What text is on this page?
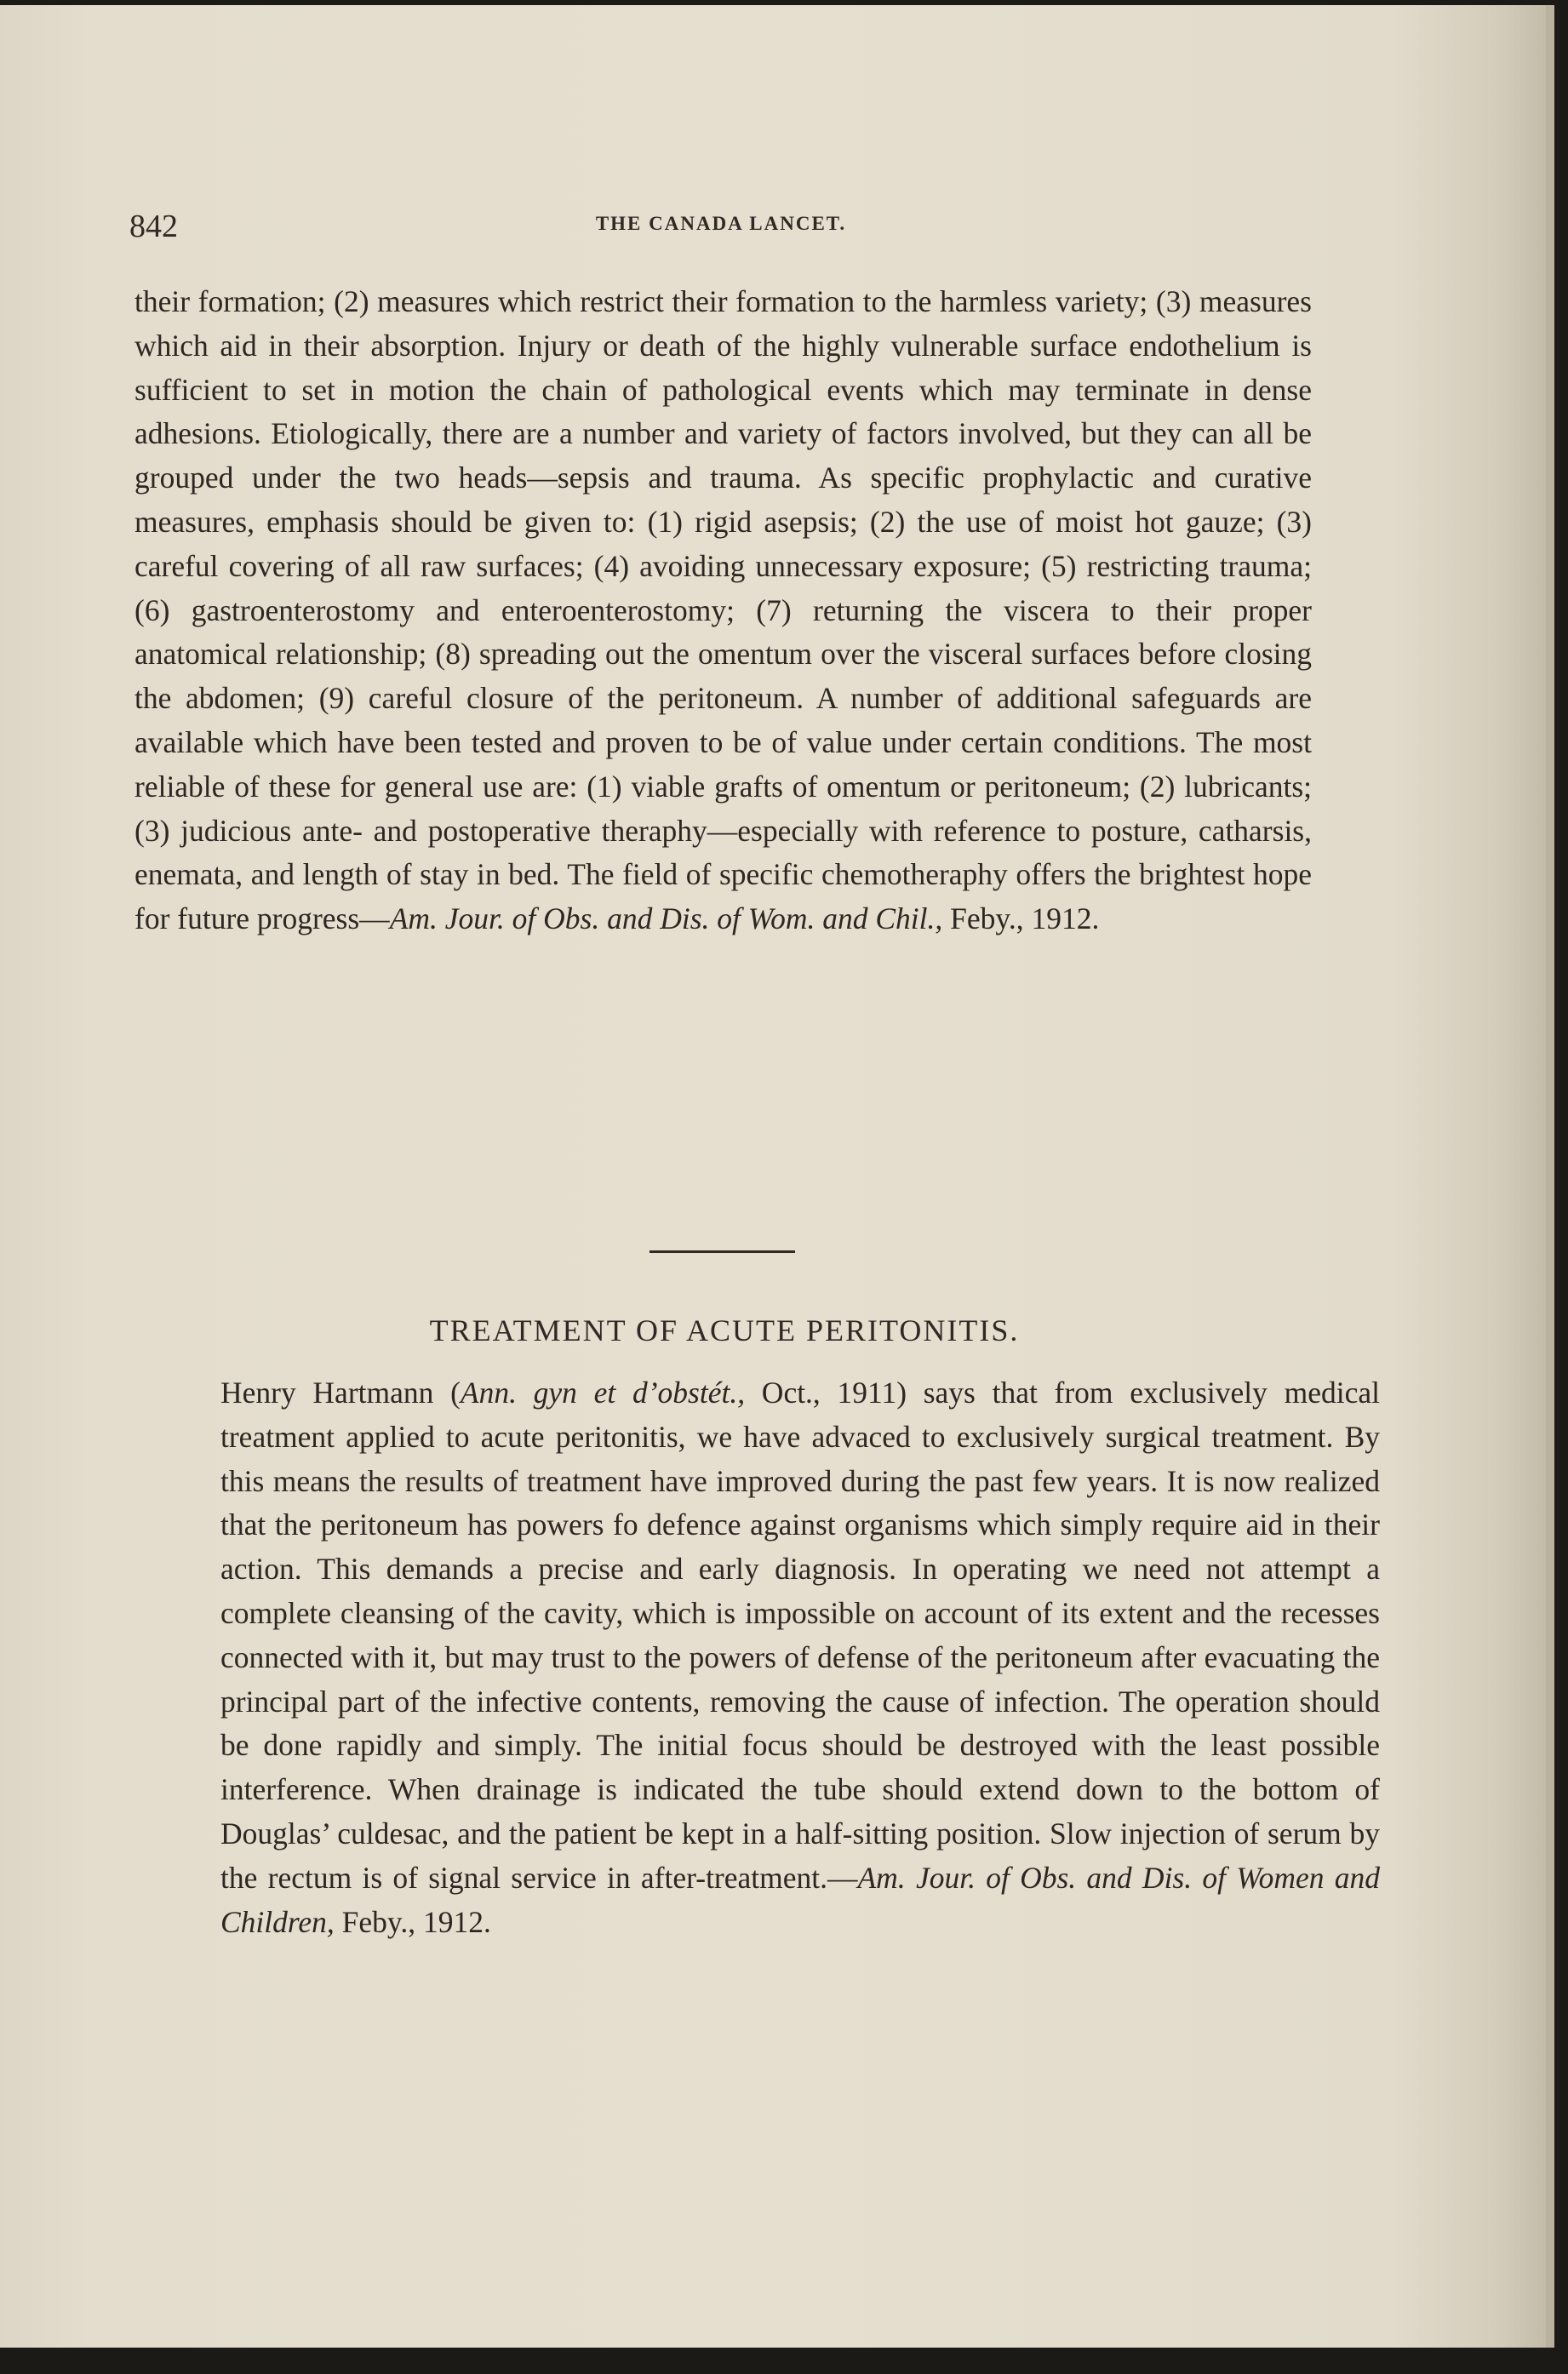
842	THE CANADA LANCET.
their formation; (2) measures which restrict their formation to the harmless variety; (3) measures which aid in their absorption. Injury or death of the highly vulnerable surface endothelium is sufficient to set in motion the chain of pathological events which may terminate in dense adhesions. Etiologically, there are a number and variety of factors involved, but they can all be grouped under the two heads—sepsis and trauma. As specific prophylactic and curative measures, emphasis should be given to: (1) rigid asepsis; (2) the use of moist hot gauze; (3) careful covering of all raw surfaces; (4) avoiding unnecessary exposure; (5) restricting trauma; (6) gastroenterostomy and enteroenterostomy; (7) returning the viscera to their proper anatomical relationship; (8) spreading out the omentum over the visceral surfaces before closing the abdomen; (9) careful closure of the peritoneum. A number of additional safeguards are available which have been tested and proven to be of value under certain conditions. The most reliable of these for general use are: (1) viable grafts of omentum or peritoneum; (2) lubricants; (3) judicious ante- and postoperative theraphy—especially with reference to posture, catharsis, enemata, and length of stay in bed. The field of specific chemotheraphy offers the brightest hope for future progress—Am. Jour. of Obs. and Dis. of Wom. and Chil., Feby., 1912.
TREATMENT OF ACUTE PERITONITIS.
Henry Hartmann (Ann. gyn et d’obstét., Oct., 1911) says that from exclusively medical treatment applied to acute peritonitis, we have advaced to exclusively surgical treatment. By this means the results of treatment have improved during the past few years. It is now realized that the peritoneum has powers fo defence against organisms which simply require aid in their action. This demands a precise and early diagnosis. In operating we need not attempt a complete cleansing of the cavity, which is impossible on account of its extent and the recesses connected with it, but may trust to the powers of defense of the peritoneum after evacuating the principal part of the infective contents, removing the cause of infection. The operation should be done rapidly and simply. The initial focus should be destroyed with the least possible interference. When drainage is indicated the tube should extend down to the bottom of Douglas’ culdesac, and the patient be kept in a half-sitting position. Slow injection of serum by the rectum is of signal service in after-treatment.—Am. Jour. of Obs. and Dis. of Women and Children, Feby., 1912.
